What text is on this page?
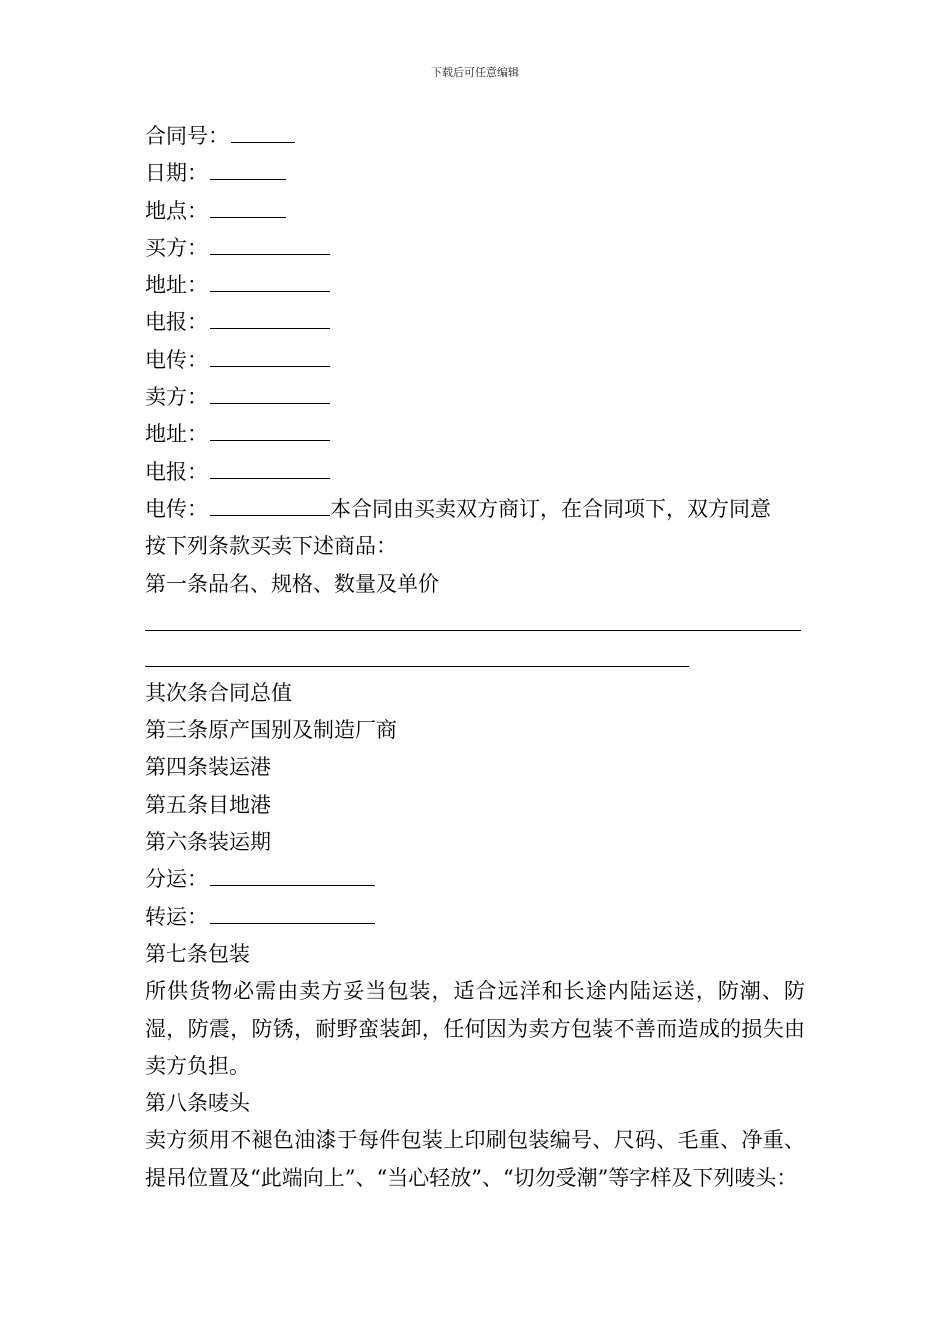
下载后可任意编辑
合同号：
日期：
地点：
买方：
地址：
电报：
电传：
卖方：
地址：
电报：
电传：	本合同由买卖双方商订，在合同项下，双方同意
按下列条款买卖下述商品：
第一条品名、规格、数量及单价
其次条合同总值
第三条原产国别及制造厂商
第四条装运港
第五条目地港
第六条装运期
分运：
转运：
第七条包装
所供货物必需由卖方妥当包装，适合远洋和长途内陆运送，防潮、防湿，防震，防锈，耐野蛮装卸，任何因为卖方包装不善而造成的损失由卖方负担。
第八条唛头
卖方须用不褪色油漆于每件包装上印刷包装编号、尺码、毛重、净重、提吊位置及“此端向上”、“当心轻放”、“切勿受潮”等字样及下列唛头：
